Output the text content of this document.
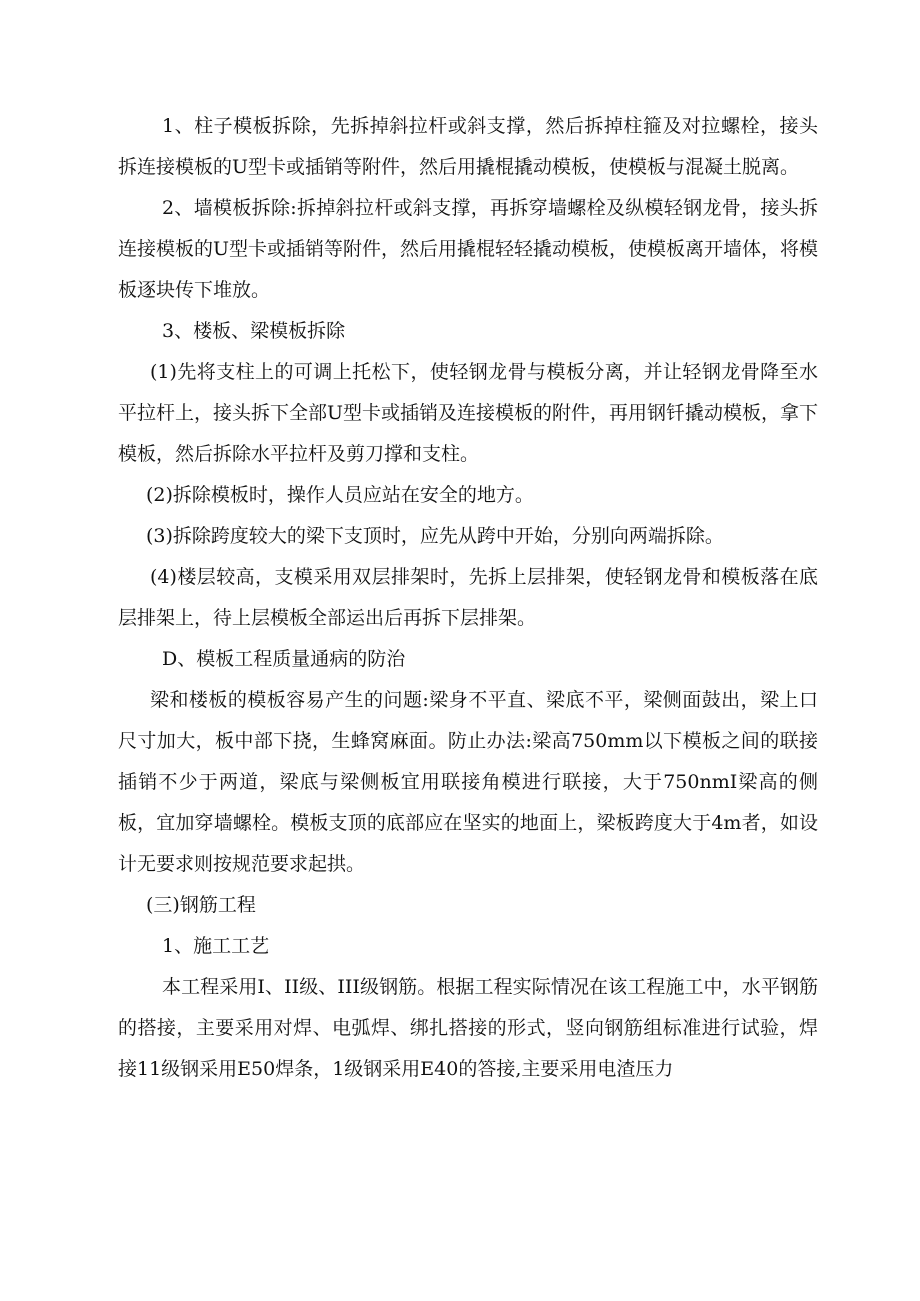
1、柱子模板拆除，先拆掉斜拉杆或斜支撑，然后拆掉柱箍及对拉螺栓，接头拆连接模板的U型卡或插销等附件，然后用撬棍撬动模板，使模板与混凝土脱离。

2、墙模板拆除:拆掉斜拉杆或斜支撑，再拆穿墙螺栓及纵模轻钢龙骨，接头拆连接模板的U型卡或插销等附件，然后用撬棍轻轻撬动模板，使模板离开墙体，将模板逐块传下堆放。

3、楼板、梁模板拆除

(1)先将支柱上的可调上托松下，使轻钢龙骨与模板分离，并让轻钢龙骨降至水平拉杆上，接头拆下全部U型卡或插销及连接模板的附件，再用钢钎撬动模板，拿下模板，然后拆除水平拉杆及剪刀撑和支柱。

(2)拆除模板时，操作人员应站在安全的地方。

(3)拆除跨度较大的梁下支顶时，应先从跨中开始，分别向两端拆除。

(4)楼层较高，支模采用双层排架时，先拆上层排架，使轻钢龙骨和模板落在底层排架上，待上层模板全部运出后再拆下层排架。

D、模板工程质量通病的防治

梁和楼板的模板容易产生的问题:梁身不平直、梁底不平，梁侧面鼓出，梁上口尺寸加大，板中部下挠，生蜂窝麻面。防止办法:梁高750mm以下模板之间的联接插销不少于两道，梁底与梁侧板宜用联接角模进行联接，大于750nmI梁高的侧板，宜加穿墙螺栓。模板支顶的底部应在坚实的地面上，梁板跨度大于4m者，如设计无要求则按规范要求起拱。

(三)钢筋工程

1、施工工艺

本工程采用I、II级、III级钢筋。根据工程实际情况在该工程施工中，水平钢筋的搭接，主要采用对焊、电弧焊、绑扎搭接的形式，竖向钢筋组标准进行试验，焊接11级钢采用E50焊条，1级钢采用E40的答接,主要采用电渣压力
